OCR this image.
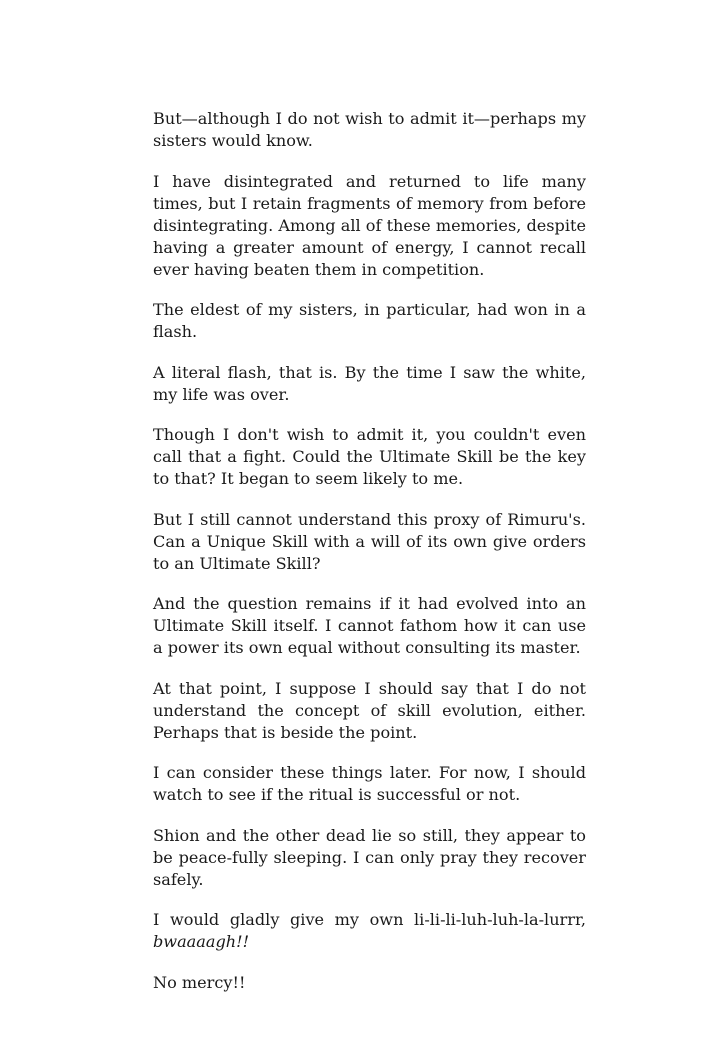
But—although I do not wish to admit it—perhaps my sisters would know.

I have disintegrated and returned to life many times, but I retain fragments of memory from before disintegrating. Among all of these memories, despite having a greater amount of energy, I cannot recall ever having beaten them in competition.

The eldest of my sisters, in particular, had won in a flash.

A literal flash, that is. By the time I saw the white, my life was over.

Though I don't wish to admit it, you couldn't even call that a fight. Could the Ultimate Skill be the key to that? It began to seem likely to me.

But I still cannot understand this proxy of Rimuru's. Can a Unique Skill with a will of its own give orders to an Ultimate Skill?

And the question remains if it had evolved into an Ultimate Skill itself. I cannot fathom how it can use a power its own equal without consulting its master.

At that point, I suppose I should say that I do not understand the concept of skill evolution, either. Perhaps that is beside the point.

I can consider these things later. For now, I should watch to see if the ritual is successful or not.

Shion and the other dead lie so still, they appear to be peace-fully sleeping. I can only pray they recover safely.

I would gladly give my own li-li-li-luh-luh-la-lurrr,
bwaaaagh!!

No mercy!!
